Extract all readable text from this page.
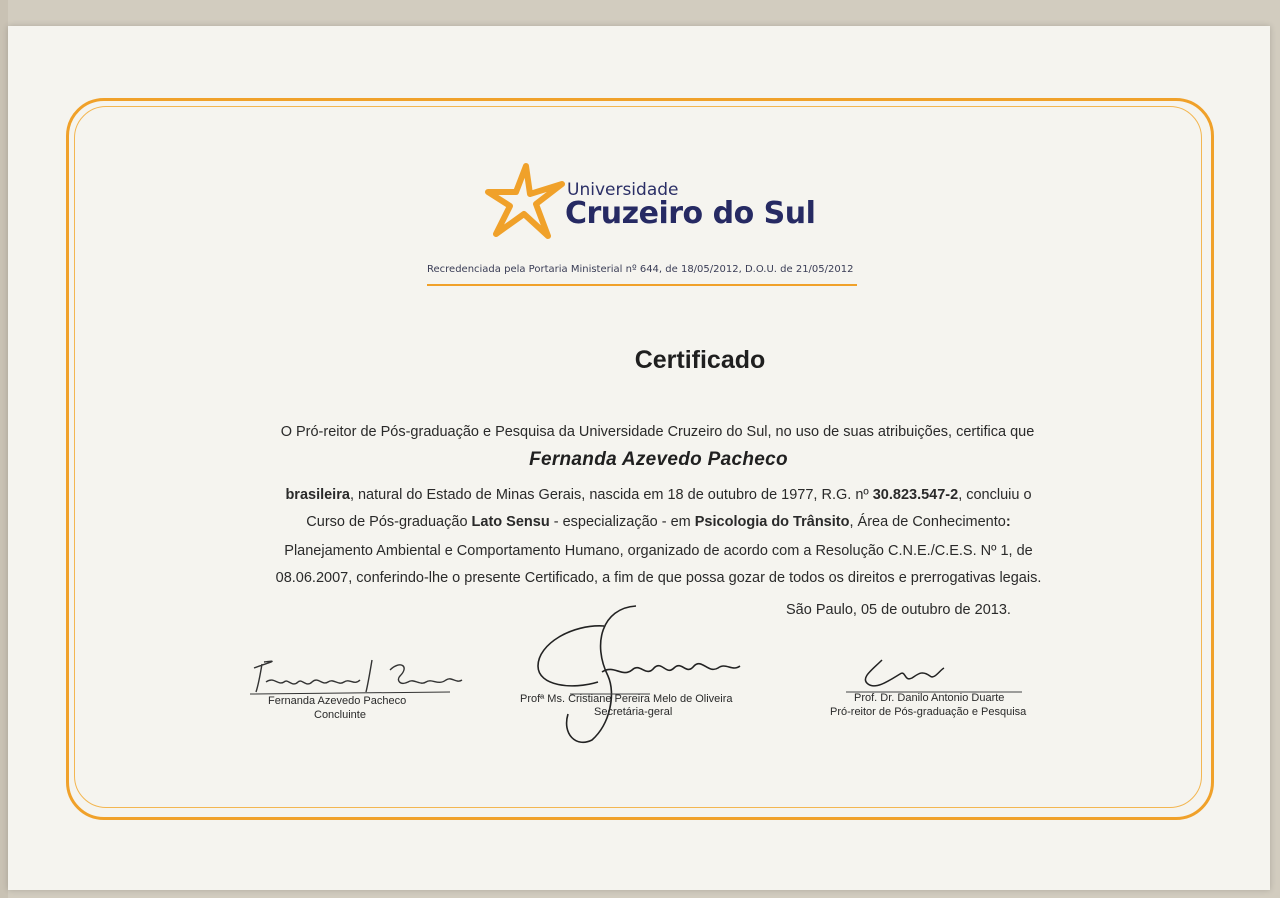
Universidade
Cruzeiro do Sul
Recredenciada pela Portaria Ministerial nº 644, de 18/05/2012, D.O.U. de 21/05/2012
Certificado
O Pró-reitor de Pós-graduação e Pesquisa da Universidade Cruzeiro do Sul, no uso de suas atribuições, certifica que
Fernanda Azevedo Pacheco
brasileira, natural do Estado de Minas Gerais, nascida em 18 de outubro de 1977, R.G. nº 30.823.547-2, concluiu o
Curso de Pós-graduação Lato Sensu - especialização - em Psicologia do Trânsito, Área de Conhecimento:
Planejamento Ambiental e Comportamento Humano, organizado de acordo com a Resolução C.N.E./C.E.S. Nº 1, de
08.06.2007, conferindo-lhe o presente Certificado, a fim de que possa gozar de todos os direitos e prerrogativas legais.
São Paulo, 05 de outubro de 2013.
Fernanda Azevedo Pacheco
Concluinte
Profª Ms. Cristiane Pereira Melo de Oliveira
Secretária-geral
Prof. Dr. Danilo Antonio Duarte
Pró-reitor de Pós-graduação e Pesquisa
